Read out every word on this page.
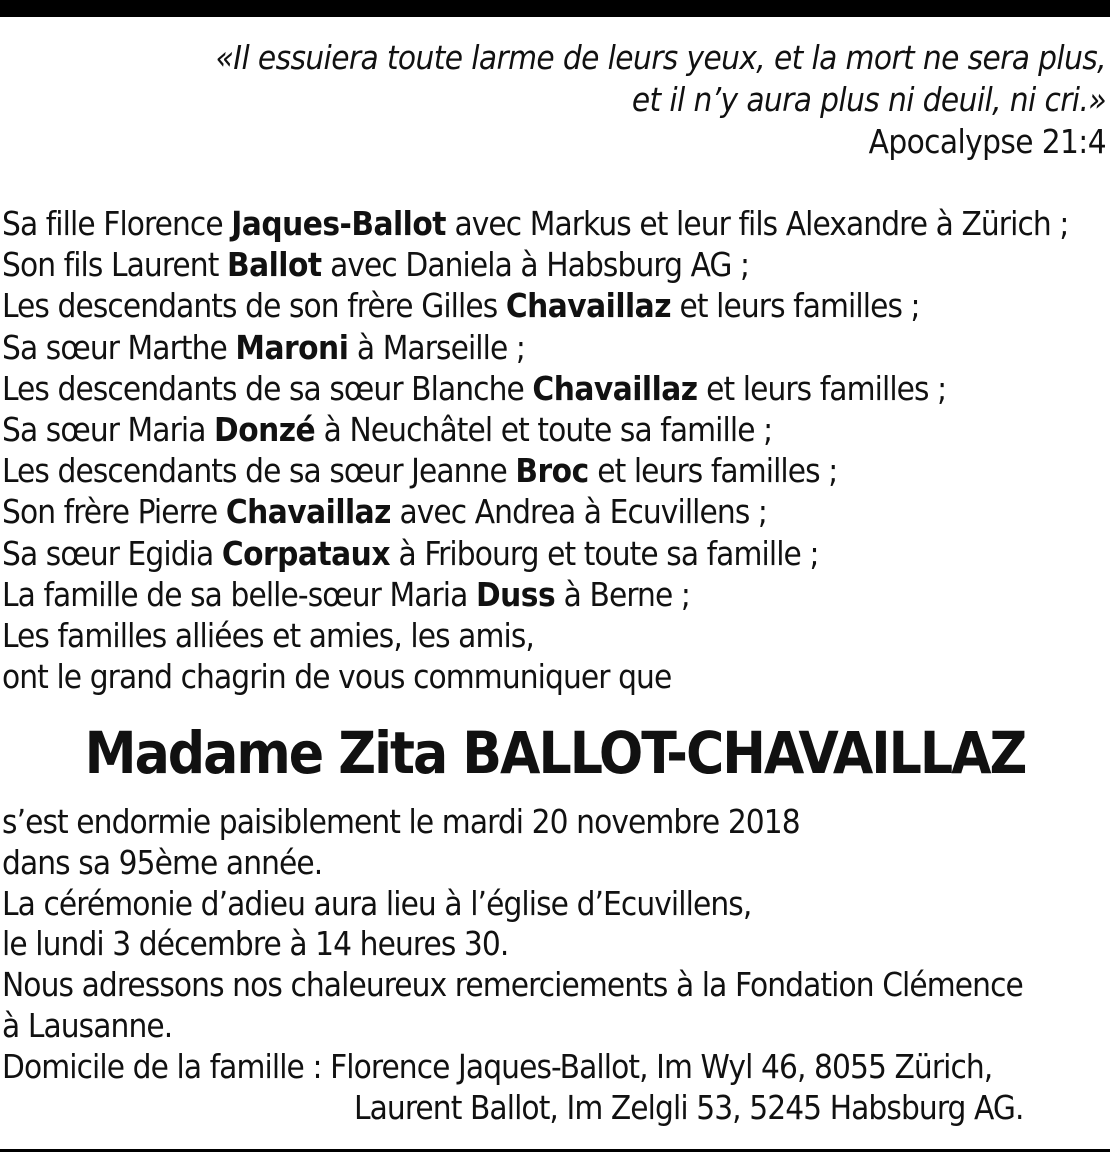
«Il essuiera toute larme de leurs yeux, et la mort ne sera plus,
et il n’y aura plus ni deuil, ni cri.»
Apocalypse 21:4
Sa fille Florence Jaques-Ballot avec Markus et leur fils Alexandre à Zürich ;
Son fils Laurent Ballot avec Daniela à Habsburg AG ;
Les descendants de son frère Gilles Chavaillaz et leurs familles ;
Sa sœur Marthe Maroni à Marseille ;
Les descendants de sa sœur Blanche Chavaillaz et leurs familles ;
Sa sœur Maria Donzé à Neuchâtel et toute sa famille ;
Les descendants de sa sœur Jeanne Broc et leurs familles ;
Son frère Pierre Chavaillaz avec Andrea à Ecuvillens ;
Sa sœur Egidia Corpataux à Fribourg et toute sa famille ;
La famille de sa belle-sœur Maria Duss à Berne ;
Les familles alliées et amies, les amis,
ont le grand chagrin de vous communiquer que
Madame Zita BALLOT-CHAVAILLAZ
s’est endormie paisiblement le mardi 20 novembre 2018
dans sa 95ème année.
La cérémonie d’adieu aura lieu à l’église d’Ecuvillens,
le lundi 3 décembre à 14 heures 30.
Nous adressons nos chaleureux remerciements à la Fondation Clémence
à Lausanne.
Domicile de la famille : Florence Jaques-Ballot, Im Wyl 46, 8055 Zürich,
Laurent Ballot, Im Zelgli 53, 5245 Habsburg AG.
